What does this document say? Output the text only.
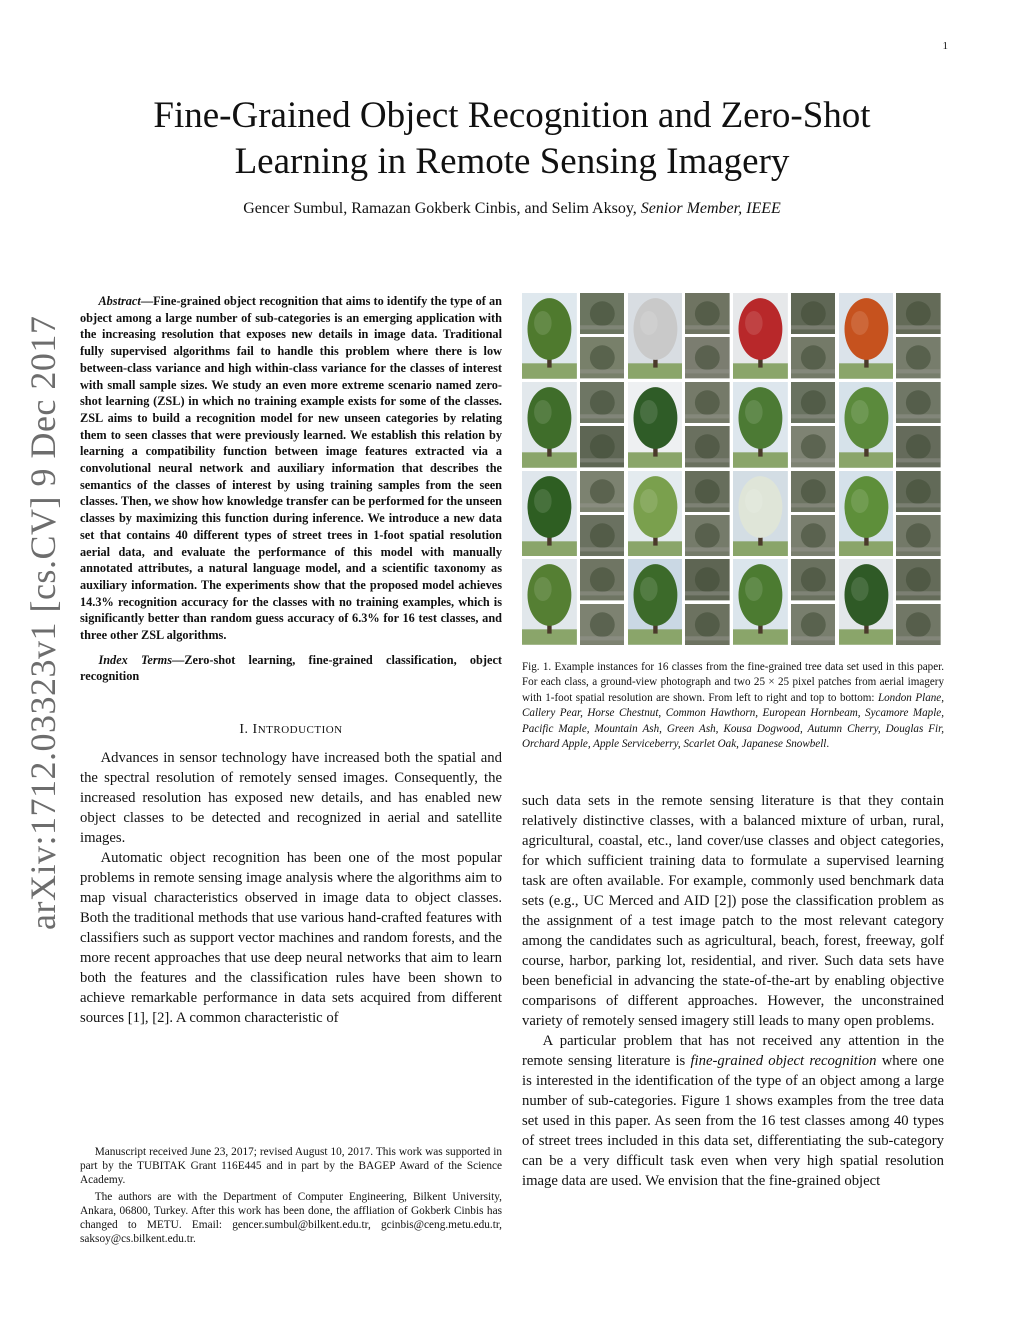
1
arXiv:1712.03323v1 [cs.CV] 9 Dec 2017
Fine-Grained Object Recognition and Zero-Shot
Learning in Remote Sensing Imagery
Gencer Sumbul, Ramazan Gokberk Cinbis, and Selim Aksoy, Senior Member, IEEE

Abstract—Fine-grained object recognition that aims to identify the type of an object among a large number of sub-categories is an emerging application with the increasing resolution that exposes new details in image data. Traditional fully supervised algorithms fail to handle this problem where there is low between-class variance and high within-class variance for the classes of interest with small sample sizes. We study an even more extreme scenario named zero-shot learning (ZSL) in which no training example exists for some of the classes. ZSL aims to build a recognition model for new unseen categories by relating them to seen classes that were previously learned. We establish this relation by learning a compatibility function between image features extracted via a convolutional neural network and auxiliary information that describes the semantics of the classes of interest by using training samples from the seen classes. Then, we show how knowledge transfer can be performed for the unseen classes by maximizing this function during inference. We introduce a new data set that contains 40 different types of street trees in 1-foot spatial resolution aerial data, and evaluate the performance of this model with manually annotated attributes, a natural language model, and a scientific taxonomy as auxiliary information. The experiments show that the proposed model achieves 14.3% recognition accuracy for the classes with no training examples, which is significantly better than random guess accuracy of 6.3% for 16 test classes, and three other ZSL algorithms.

Index Terms—Zero-shot learning, fine-grained classification, object recognition

I. INTRODUCTION

Advances in sensor technology have increased both the spatial and the spectral resolution of remotely sensed images. Consequently, the increased resolution has exposed new details, and has enabled new object classes to be detected and recognized in aerial and satellite images.

Automatic object recognition has been one of the most popular problems in remote sensing image analysis where the algorithms aim to map visual characteristics observed in image data to object classes. Both the traditional methods that use various hand-crafted features with classifiers such as support vector machines and random forests, and the more recent approaches that use deep neural networks that aim to learn both the features and the classification rules have been shown to achieve remarkable performance in data sets acquired from different sources [1], [2]. A common characteristic of

Manuscript received June 23, 2017; revised August 10, 2017. This work was supported in part by the TUBITAK Grant 116E445 and in part by the BAGEP Award of the Science Academy.

The authors are with the Department of Computer Engineering, Bilkent University, Ankara, 06800, Turkey. After this work has been done, the affliation of Gokberk Cinbis has changed to METU. Email: gencer.sumbul@bilkent.edu.tr, gcinbis@ceng.metu.edu.tr, saksoy@cs.bilkent.edu.tr.

Fig. 1. Example instances for 16 classes from the fine-grained tree data set used in this paper. For each class, a ground-view photograph and two 25 × 25 pixel patches from aerial imagery with 1-foot spatial resolution are shown. From left to right and top to bottom: London Plane, Callery Pear, Horse Chestnut, Common Hawthorn, European Hornbeam, Sycamore Maple, Pacific Maple, Mountain Ash, Green Ash, Kousa Dogwood, Autumn Cherry, Douglas Fir, Orchard Apple, Apple Serviceberry, Scarlet Oak, Japanese Snowbell.

such data sets in the remote sensing literature is that they contain relatively distinctive classes, with a balanced mixture of urban, rural, agricultural, coastal, etc., land cover/use classes and object categories, for which sufficient training data to formulate a supervised learning task are often available. For example, commonly used benchmark data sets (e.g., UC Merced and AID [2]) pose the classification problem as the assignment of a test image patch to the most relevant category among the candidates such as agricultural, beach, forest, freeway, golf course, harbor, parking lot, residential, and river. Such data sets have been beneficial in advancing the state-of-the-art by enabling objective comparisons of different approaches. However, the unconstrained variety of remotely sensed imagery still leads to many open problems.

A particular problem that has not received any attention in the remote sensing literature is fine-grained object recognition where one is interested in the identification of the type of an object among a large number of sub-categories. Figure 1 shows examples from the tree data set used in this paper. As seen from the 16 test classes among 40 types of street trees included in this data set, differentiating the sub-category can be a very difficult task even when very high spatial resolution image data are used. We envision that the fine-grained object
